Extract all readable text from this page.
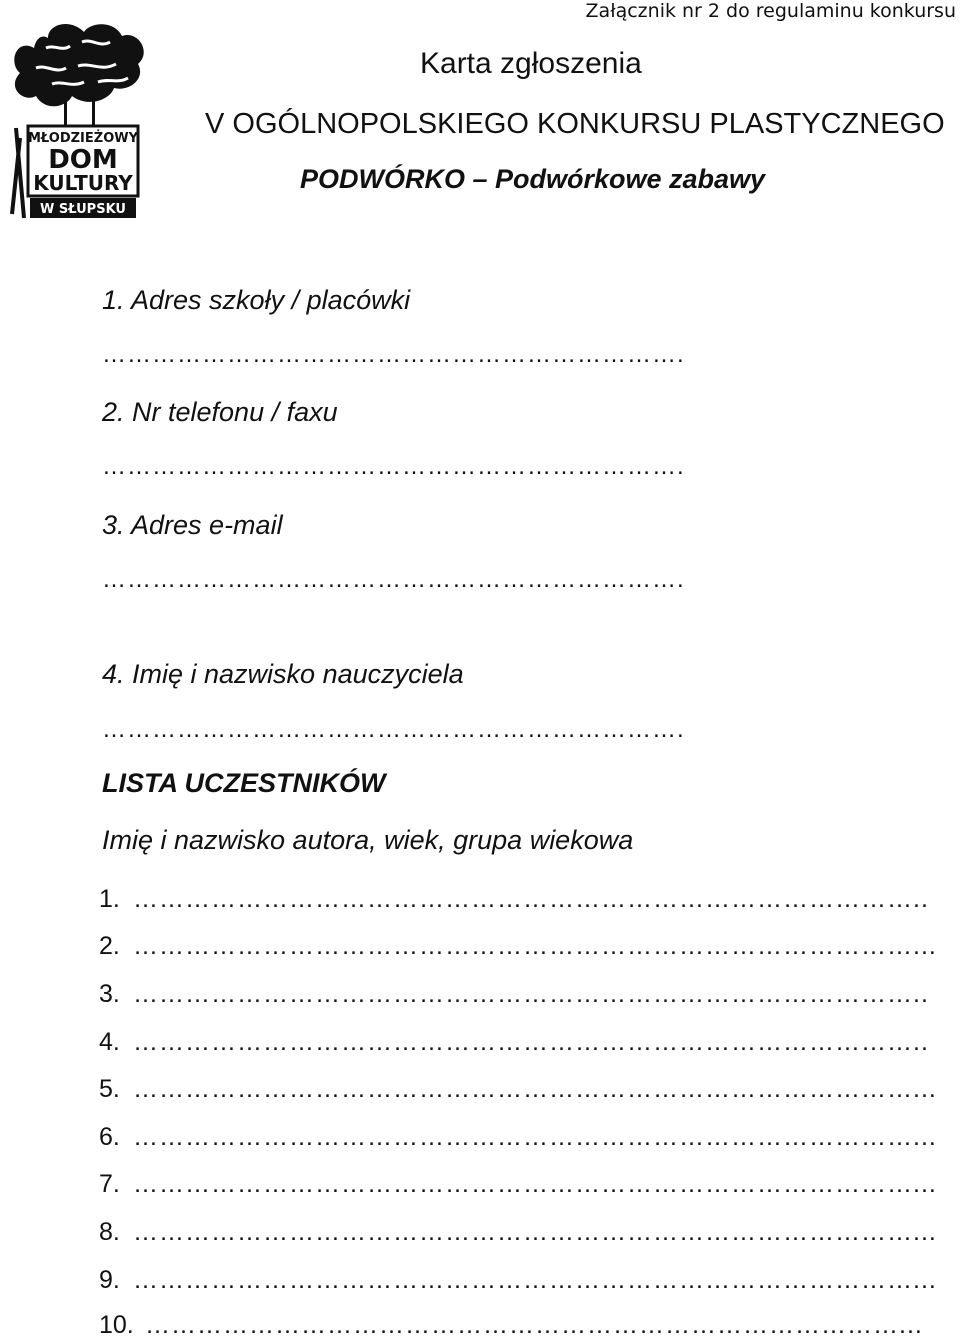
Załącznik nr 2 do regulaminu konkursu
MŁODZIEŻOWY
DOM
KULTURY
W SŁUPSKU
Karta zgłoszenia
V OGÓLNOPOLSKIEGO KONKURSU PLASTYCZNEGO
PODWÓRKO – Podwórkowe zabawy
1. Adres szkoły / placówki
…………………………………………………………….
2. Nr telefonu / faxu
…………………………………………………………….
3. Adres e-mail
…………………………………………………………….
4. Imię i nazwisko nauczyciela
…………………………………………………………….
LISTA UCZESTNIKÓW
Imię i nazwisko autora, wiek, grupa wiekowa
1. ………………………………………………………………………………..
2. ………………………………………………………………………………...
3. ………………………………………………………………………………..
4. ………………………………………………………………………………..
5. ………………………………………………………………………………...
6. ………………………………………………………………………………...
7. ………………………………………………………………………………...
8. ………………………………………………………………………………...
9. ………………………………………………………………………………...
10. ……………………………………………………………………………...
